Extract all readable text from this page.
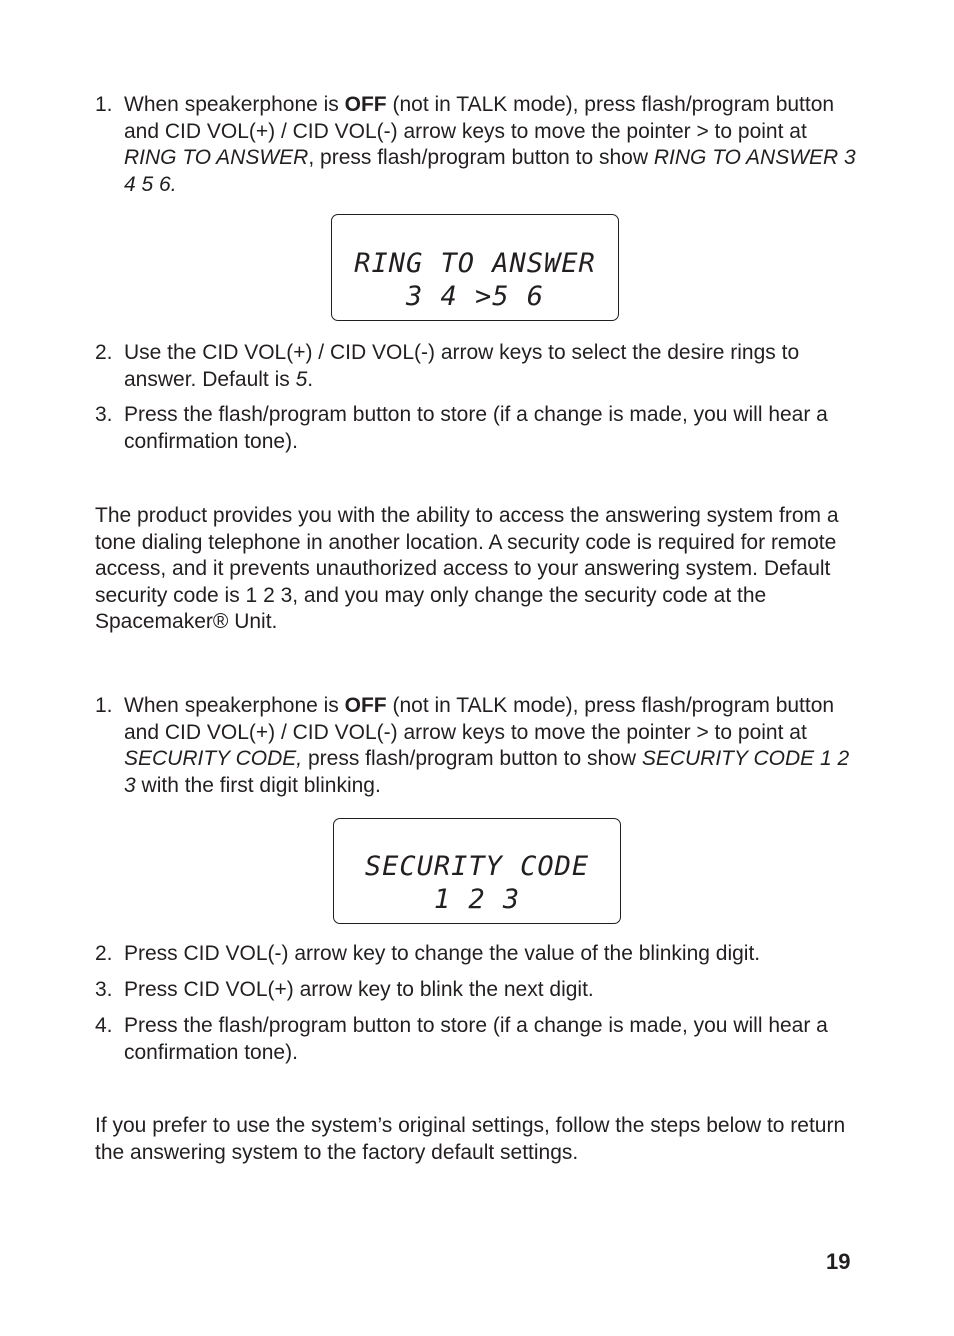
1. When speakerphone is OFF (not in TALK mode), press flash/program button and CID VOL(+) / CID VOL(-) arrow keys to move the pointer > to point at RING TO ANSWER, press flash/program button to show RING TO ANSWER 3 4 5 6.

RING TO ANSWER
3 4 >5 6

2. Use the CID VOL(+) / CID VOL(-) arrow keys to select the desire rings to answer. Default is 5.

3. Press the flash/program button to store (if a change is made, you will hear a confirmation tone).

The product provides you with the ability to access the answering system from a tone dialing telephone in another location. A security code is required for remote access, and it prevents unauthorized access to your answering system. Default security code is 1 2 3, and you may only change the security code at the Spacemaker® Unit.

1. When speakerphone is OFF (not in TALK mode), press flash/program button and CID VOL(+) / CID VOL(-) arrow keys to move the pointer > to point at SECURITY CODE, press flash/program button to show SECURITY CODE 1 2 3 with the first digit blinking.

SECURITY CODE
1 2 3

2. Press CID VOL(-) arrow key to change the value of the blinking digit.

3. Press CID VOL(+) arrow key to blink the next digit.

4. Press the flash/program button to store (if a change is made, you will hear a confirmation tone).

If you prefer to use the system’s original settings, follow the steps below to return the answering system to the factory default settings.

19
